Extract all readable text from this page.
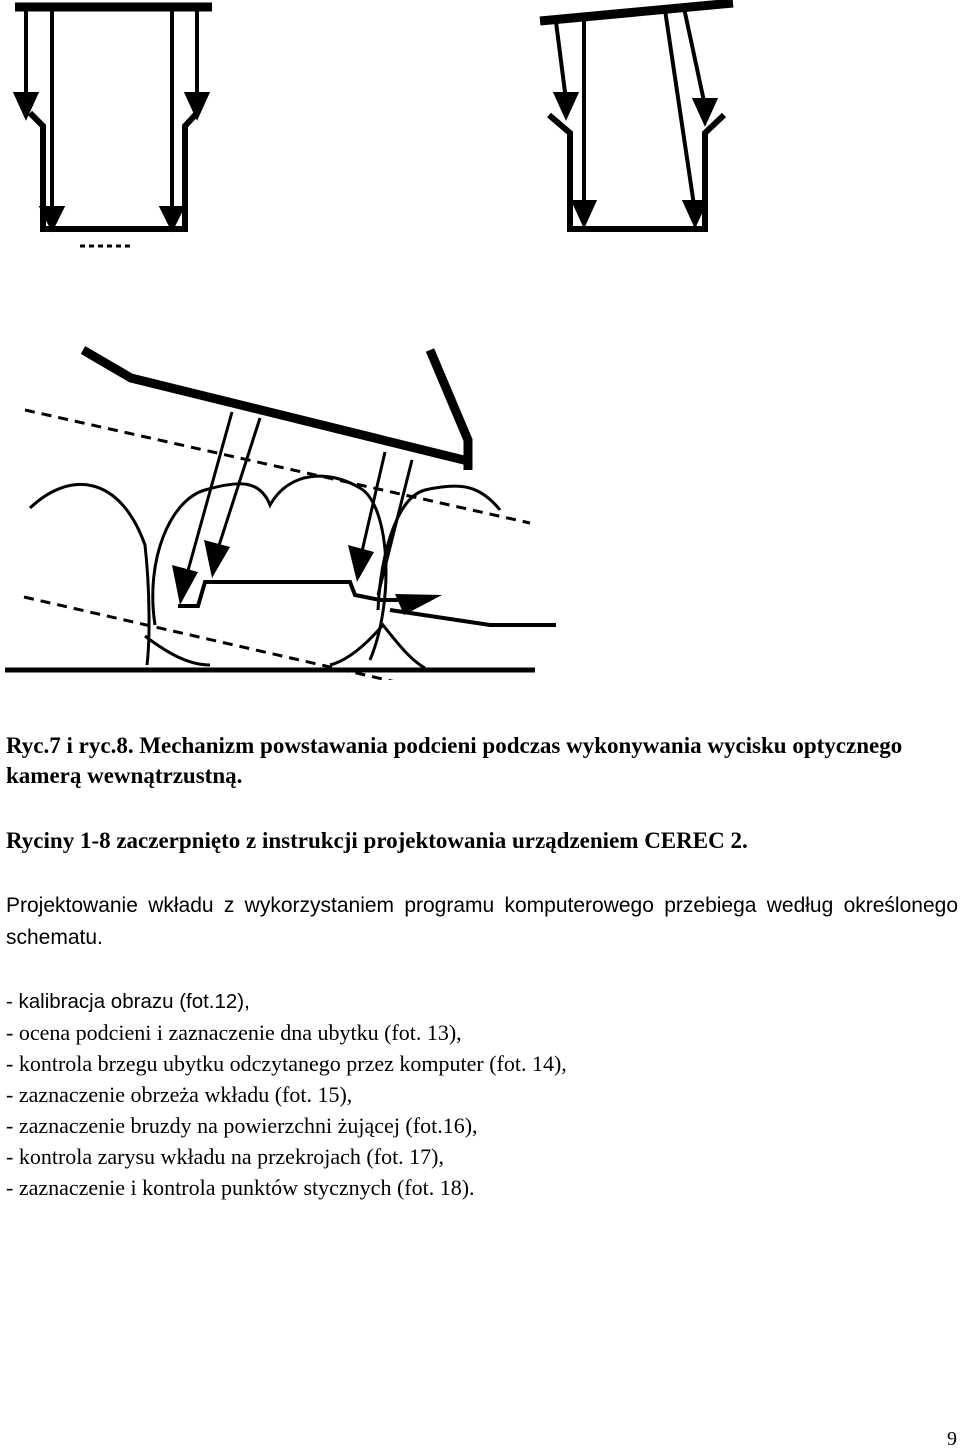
Ryc.7 i ryc.8. Mechanizm powstawania podcieni podczas wykonywania wycisku optycznego kamerą wewnątrzustną.

Ryciny 1-8 zaczerpnięto z instrukcji projektowania urządzeniem CEREC 2.

Projektowanie wkładu z wykorzystaniem programu komputerowego przebiega według określonego schematu.

- kalibracja obrazu (fot.12),
- ocena podcieni i zaznaczenie dna ubytku (fot. 13),
- kontrola brzegu ubytku odczytanego przez komputer (fot. 14),
- zaznaczenie obrzeża wkładu (fot. 15),
- zaznaczenie bruzdy na powierzchni żującej (fot.16),
- kontrola zarysu wkładu na przekrojach (fot. 17),
- zaznaczenie i kontrola punktów stycznych (fot. 18).
9
